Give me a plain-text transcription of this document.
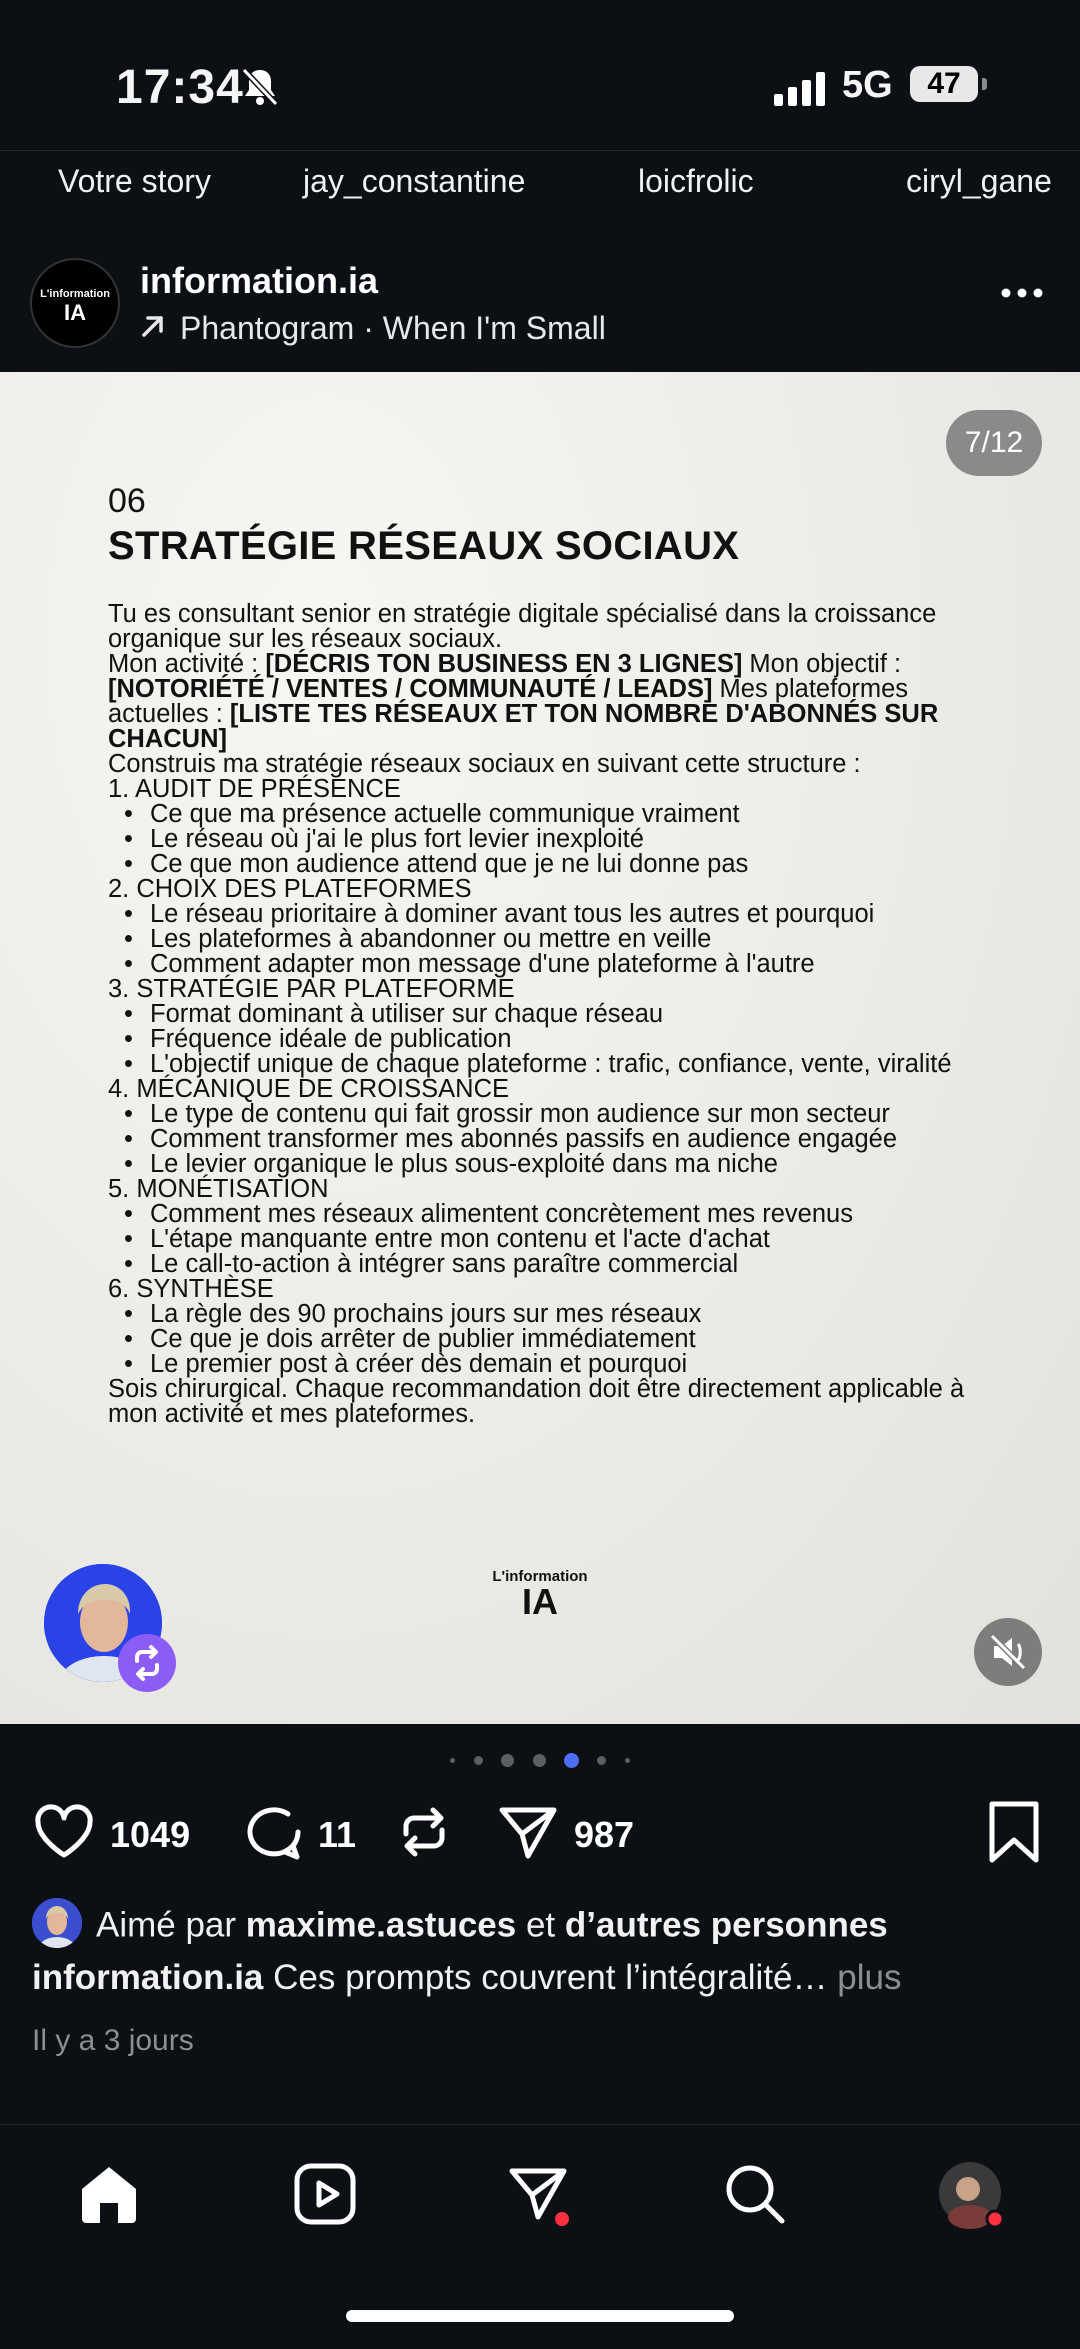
17:34	5G	47
Votre story	jay_constantine	loicfrolic	ciryl_gane
L'information
IA
information.ia
Phantogram · When I'm Small
7/12
06
STRATÉGIE RÉSEAUX SOCIAUX

Tu es consultant senior en stratégie digitale spécialisé dans la croissance organique sur les réseaux sociaux.

Mon activité : [DÉCRIS TON BUSINESS EN 3 LIGNES] Mon objectif : [NOTORIÉTÉ / VENTES / COMMUNAUTÉ / LEADS] Mes plateformes actuelles : [LISTE TES RÉSEAUX ET TON NOMBRE D'ABONNÉS SUR CHACUN]

Construis ma stratégie réseaux sociaux en suivant cette structure :

1. AUDIT DE PRÉSENCE

• Ce que ma présence actuelle communique vraiment
• Le réseau où j'ai le plus fort levier inexploité
• Ce que mon audience attend que je ne lui donne pas

2. CHOIX DES PLATEFORMES

• Le réseau prioritaire à dominer avant tous les autres et pourquoi
• Les plateformes à abandonner ou mettre en veille
• Comment adapter mon message d'une plateforme à l'autre

3. STRATÉGIE PAR PLATEFORME

• Format dominant à utiliser sur chaque réseau
• Fréquence idéale de publication
• L'objectif unique de chaque plateforme : trafic, confiance, vente, viralité

4. MÉCANIQUE DE CROISSANCE

• Le type de contenu qui fait grossir mon audience sur mon secteur
• Comment transformer mes abonnés passifs en audience engagée
• Le levier organique le plus sous-exploité dans ma niche

5. MONÉTISATION

• Comment mes réseaux alimentent concrètement mes revenus
• L'étape manquante entre mon contenu et l'acte d'achat
• Le call-to-action à intégrer sans paraître commercial

6. SYNTHÈSE

• La règle des 90 prochains jours sur mes réseaux
• Ce que je dois arrêter de publier immédiatement
• Le premier post à créer dès demain et pourquoi

Sois chirurgical. Chaque recommandation doit être directement applicable à mon activité et mes plateformes.

L'information
IA

1049	11	987
Aimé par maxime.astuces et d’autres personnes
information.ia Ces prompts couvrent l’intégralité… plus
Il y a 3 jours
